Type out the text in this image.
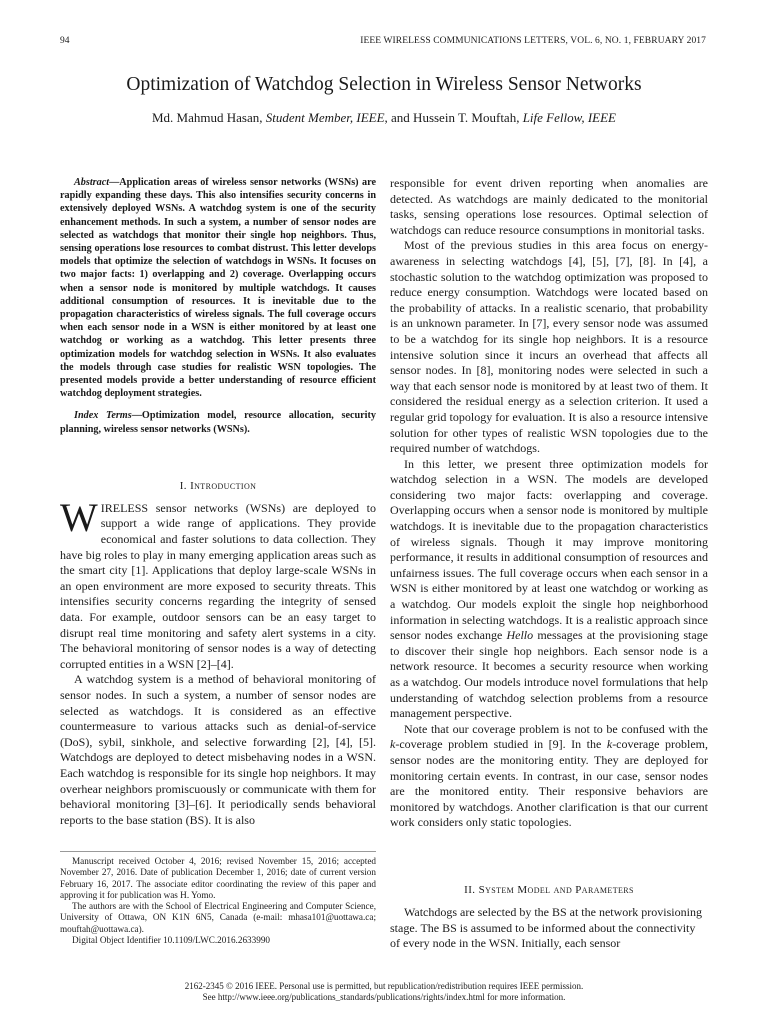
94	IEEE WIRELESS COMMUNICATIONS LETTERS, VOL. 6, NO. 1, FEBRUARY 2017
Optimization of Watchdog Selection in Wireless Sensor Networks
Md. Mahmud Hasan, Student Member, IEEE, and Hussein T. Mouftah, Life Fellow, IEEE

Abstract—Application areas of wireless sensor networks (WSNs) are rapidly expanding these days. This also intensifies security concerns in extensively deployed WSNs. A watchdog system is one of the security enhancement methods. In such a system, a number of sensor nodes are selected as watchdogs that monitor their single hop neighbors. Thus, sensing operations lose resources to combat distrust. This letter develops models that optimize the selection of watchdogs in WSNs. It focuses on two major facts: 1) overlapping and 2) coverage. Overlapping occurs when a sensor node is monitored by multiple watchdogs. It causes additional consumption of resources. It is inevitable due to the propagation characteristics of wireless signals. The full coverage occurs when each sensor node in a WSN is either monitored by at least one watchdog or working as a watchdog. This letter presents three optimization models for watchdog selection in WSNs. It also evaluates the models through case studies for realistic WSN topologies. The presented models provide a better understanding of resource efficient watchdog deployment strategies.

Index Terms—Optimization model, resource allocation, security planning, wireless sensor networks (WSNs).

I. Introduction

WIRELESS sensor networks (WSNs) are deployed to support a wide range of applications. They provide economical and faster solutions to data collection. They have big roles to play in many emerging application areas such as the smart city [1]. Applications that deploy large-scale WSNs in an open environment are more exposed to security threats. This intensifies security concerns regarding the integrity of sensed data. For example, outdoor sensors can be an easy target to disrupt real time monitoring and safety alert systems in a city. The behavioral monitoring of sensor nodes is a way of detecting corrupted entities in a WSN [2]–[4].

A watchdog system is a method of behavioral monitoring of sensor nodes. In such a system, a number of sensor nodes are selected as watchdogs. It is considered as an effective countermeasure to various attacks such as denial-of-service (DoS), sybil, sinkhole, and selective forwarding [2], [4], [5]. Watchdogs are deployed to detect misbehaving nodes in a WSN. Each watchdog is responsible for its single hop neighbors. It may overhear neighbors promiscuously or communicate with them for behavioral monitoring [3]–[6]. It periodically sends behavioral reports to the base station (BS). It is also

responsible for event driven reporting when anomalies are detected. As watchdogs are mainly dedicated to the monitorial tasks, sensing operations lose resources. Optimal selection of watchdogs can reduce resource consumptions in monitorial tasks.

Most of the previous studies in this area focus on energy-awareness in selecting watchdogs [4], [5], [7], [8]. In [4], a stochastic solution to the watchdog optimization was proposed to reduce energy consumption. Watchdogs were located based on the probability of attacks. In a realistic scenario, that probability is an unknown parameter. In [7], every sensor node was assumed to be a watchdog for its single hop neighbors. It is a resource intensive solution since it incurs an overhead that affects all sensor nodes. In [8], monitoring nodes were selected in such a way that each sensor node is monitored by at least two of them. It considered the residual energy as a selection criterion. It used a regular grid topology for evaluation. It is also a resource intensive solution for other types of realistic WSN topologies due to the required number of watchdogs.

In this letter, we present three optimization models for watchdog selection in a WSN. The models are developed considering two major facts: overlapping and coverage. Overlapping occurs when a sensor node is monitored by multiple watchdogs. It is inevitable due to the propagation characteristics of wireless signals. Though it may improve monitoring performance, it results in additional consumption of resources and unfairness issues. The full coverage occurs when each sensor in a WSN is either monitored by at least one watchdog or working as a watchdog. Our models exploit the single hop neighborhood information in selecting watchdogs. It is a realistic approach since sensor nodes exchange Hello messages at the provisioning stage to discover their single hop neighbors. Each sensor node is a network resource. It becomes a security resource when working as a watchdog. Our models introduce novel formulations that help understanding of watchdog selection problems from a resource management perspective.

Note that our coverage problem is not to be confused with the k-coverage problem studied in [9]. In the k-coverage problem, sensor nodes are the monitoring entity. They are deployed for monitoring certain events. In contrast, in our case, sensor nodes are the monitored entity. Their responsive behaviors are monitored by watchdogs. Another clarification is that our current work considers only static topologies.

Manuscript received October 4, 2016; revised November 15, 2016; accepted November 27, 2016. Date of publication December 1, 2016; date of current version February 16, 2017. The associate editor coordinating the review of this paper and approving it for publication was H. Yomo.

The authors are with the School of Electrical Engineering and Computer Science, University of Ottawa, ON K1N 6N5, Canada (e-mail: mhasa101@uottawa.ca; mouftah@uottawa.ca).

Digital Object Identifier 10.1109/LWC.2016.2633990

II. System Model and Parameters

Watchdogs are selected by the BS at the network provisioning stage. The BS is assumed to be informed about the connectivity of every node in the WSN. Initially, each sensor

2162-2345 © 2016 IEEE. Personal use is permitted, but republication/redistribution requires IEEE permission.
See http://www.ieee.org/publications_standards/publications/rights/index.html for more information.
